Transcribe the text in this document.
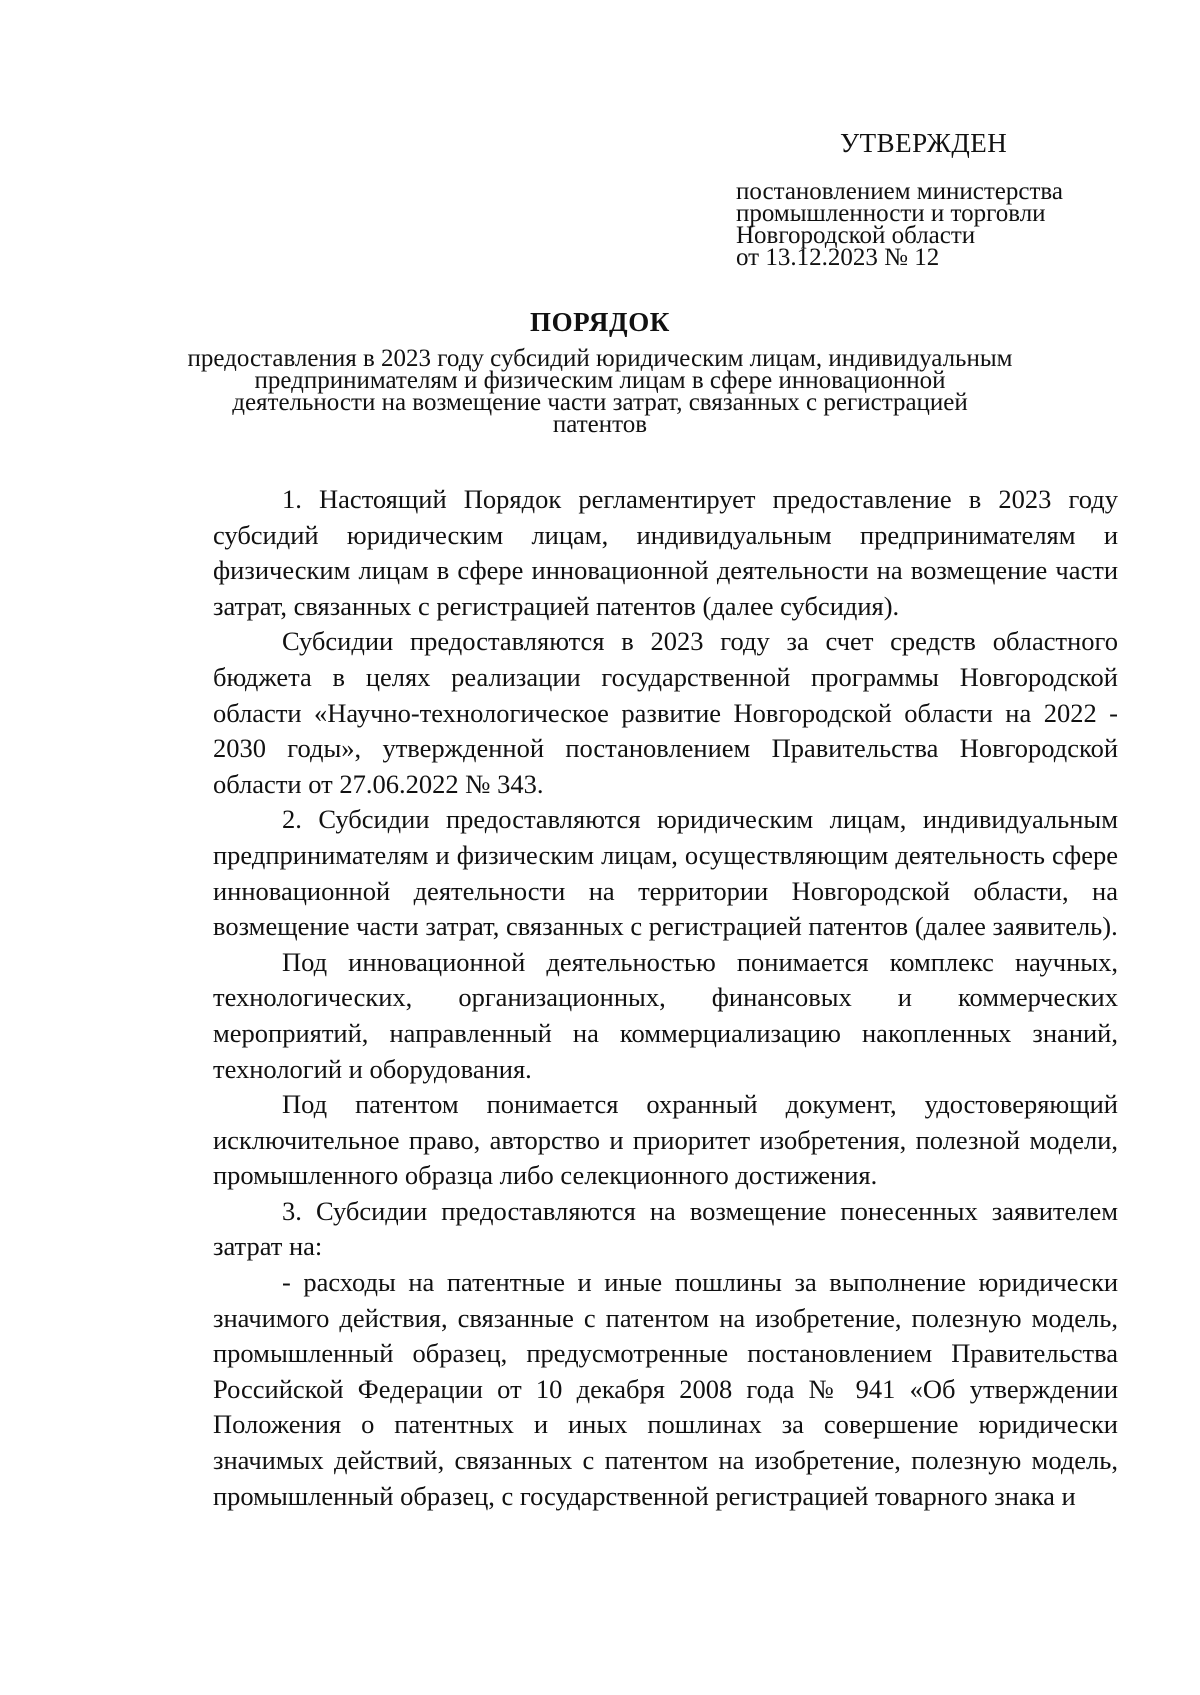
УТВЕРЖДЕН
постановлением министерства
промышленности и торговли
Новгородской области
от 13.12.2023 № 12
ПОРЯДОК
предоставления в 2023 году субсидий юридическим лицам, индивидуальным
предпринимателям и физическим лицам в сфере инновационной
деятельности на возмещение части затрат, связанных с регистрацией
патентов

1. Настоящий Порядок регламентирует предоставление в 2023 году субсидий юридическим лицам, индивидуальным предпринимателям и физическим лицам в сфере инновационной деятельности на возмещение части затрат, связанных с регистрацией патентов (далее субсидия).

Субсидии предоставляются в 2023 году за счет средств областного бюджета в целях реализации государственной программы Новгородской области «Научно-технологическое развитие Новгородской области на 2022 - 2030 годы», утвержденной постановлением Правительства Новгородской области от 27.06.2022 № 343.

2. Субсидии предоставляются юридическим лицам, индивидуальным предпринимателям и физическим лицам, осуществляющим деятельность сфере инновационной деятельности на территории Новгородской области, на возмещение части затрат, связанных с регистрацией патентов (далее заявитель).

Под инновационной деятельностью понимается комплекс научных, технологических, организационных, финансовых и коммерческих мероприятий, направленный на коммерциализацию накопленных знаний, технологий и оборудования.

Под патентом понимается охранный документ, удостоверяющий исключительное право, авторство и приоритет изобретения, полезной модели, промышленного образца либо селекционного достижения.

3. Субсидии предоставляются на возмещение понесенных заявителем затрат на:

- расходы на патентные и иные пошлины за выполнение юридически значимого действия, связанные с патентом на изобретение, полезную модель, промышленный образец, предусмотренные постановлением Правительства Российской Федерации от 10 декабря 2008 года № 941 «Об утверждении Положения о патентных и иных пошлинах за совершение юридически значимых действий, связанных с патентом на изобретение, полезную модель, промышленный образец, с государственной регистрацией товарного знака и
